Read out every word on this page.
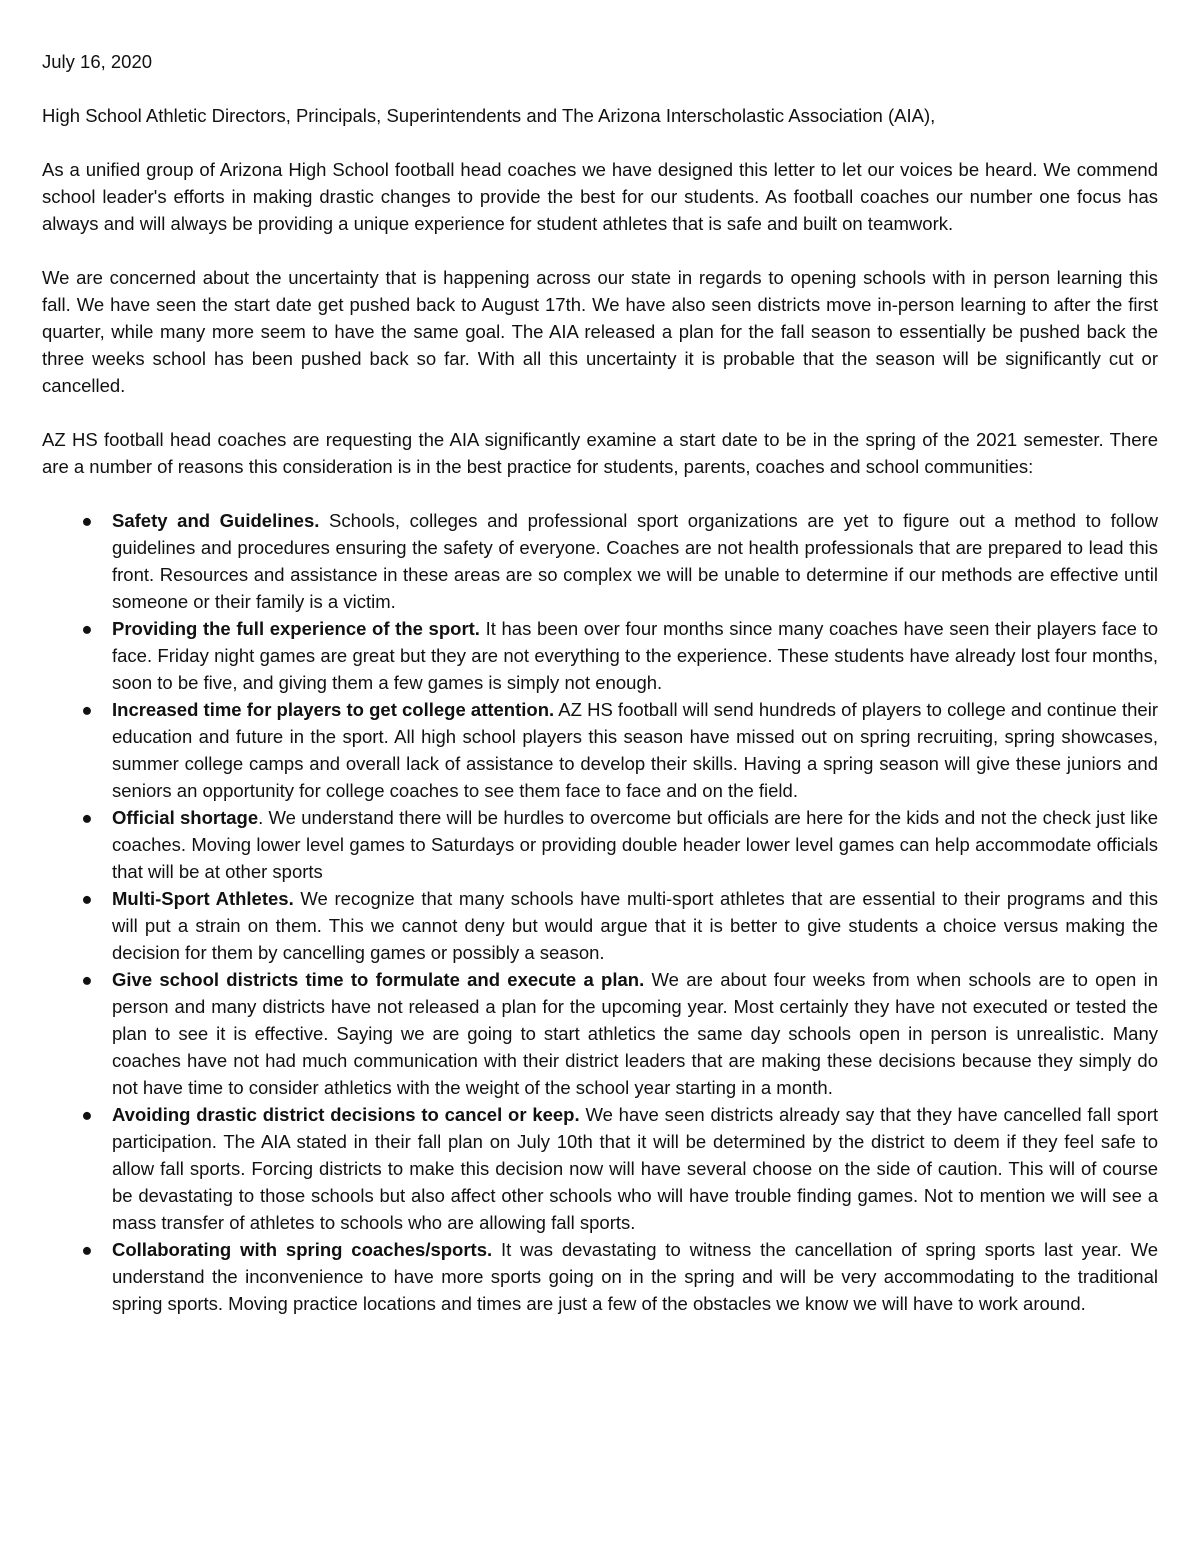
July 16, 2020

High School Athletic Directors, Principals, Superintendents and The Arizona Interscholastic Association (AIA),

As a unified group of Arizona High School football head coaches we have designed this letter to let our voices be heard. We commend school leader's efforts in making drastic changes to provide the best for our students. As football coaches our number one focus has always and will always be providing a unique experience for student athletes that is safe and built on teamwork.

We are concerned about the uncertainty that is happening across our state in regards to opening schools with in person learning this fall. We have seen the start date get pushed back to August 17th. We have also seen districts move in-person learning to after the first quarter, while many more seem to have the same goal. The AIA released a plan for the fall season to essentially be pushed back the three weeks school has been pushed back so far. With all this uncertainty it is probable that the season will be significantly cut or cancelled.

AZ HS football head coaches are requesting the AIA significantly examine a start date to be in the spring of the 2021 semester. There are a number of reasons this consideration is in the best practice for students, parents, coaches and school communities:

● Safety and Guidelines. Schools, colleges and professional sport organizations are yet to figure out a method to follow guidelines and procedures ensuring the safety of everyone. Coaches are not health professionals that are prepared to lead this front. Resources and assistance in these areas are so complex we will be unable to determine if our methods are effective until someone or their family is a victim.
● Providing the full experience of the sport. It has been over four months since many coaches have seen their players face to face. Friday night games are great but they are not everything to the experience. These students have already lost four months, soon to be five, and giving them a few games is simply not enough.
● Increased time for players to get college attention. AZ HS football will send hundreds of players to college and continue their education and future in the sport. All high school players this season have missed out on spring recruiting, spring showcases, summer college camps and overall lack of assistance to develop their skills. Having a spring season will give these juniors and seniors an opportunity for college coaches to see them face to face and on the field.
● Official shortage. We understand there will be hurdles to overcome but officials are here for the kids and not the check just like coaches. Moving lower level games to Saturdays or providing double header lower level games can help accommodate officials that will be at other sports
● Multi-Sport Athletes. We recognize that many schools have multi-sport athletes that are essential to their programs and this will put a strain on them. This we cannot deny but would argue that it is better to give students a choice versus making the decision for them by cancelling games or possibly a season.
● Give school districts time to formulate and execute a plan. We are about four weeks from when schools are to open in person and many districts have not released a plan for the upcoming year. Most certainly they have not executed or tested the plan to see it is effective. Saying we are going to start athletics the same day schools open in person is unrealistic. Many coaches have not had much communication with their district leaders that are making these decisions because they simply do not have time to consider athletics with the weight of the school year starting in a month.
● Avoiding drastic district decisions to cancel or keep. We have seen districts already say that they have cancelled fall sport participation. The AIA stated in their fall plan on July 10th that it will be determined by the district to deem if they feel safe to allow fall sports. Forcing districts to make this decision now will have several choose on the side of caution. This will of course be devastating to those schools but also affect other schools who will have trouble finding games. Not to mention we will see a mass transfer of athletes to schools who are allowing fall sports.
● Collaborating with spring coaches/sports. It was devastating to witness the cancellation of spring sports last year. We understand the inconvenience to have more sports going on in the spring and will be very accommodating to the traditional spring sports. Moving practice locations and times are just a few of the obstacles we know we will have to work around.
